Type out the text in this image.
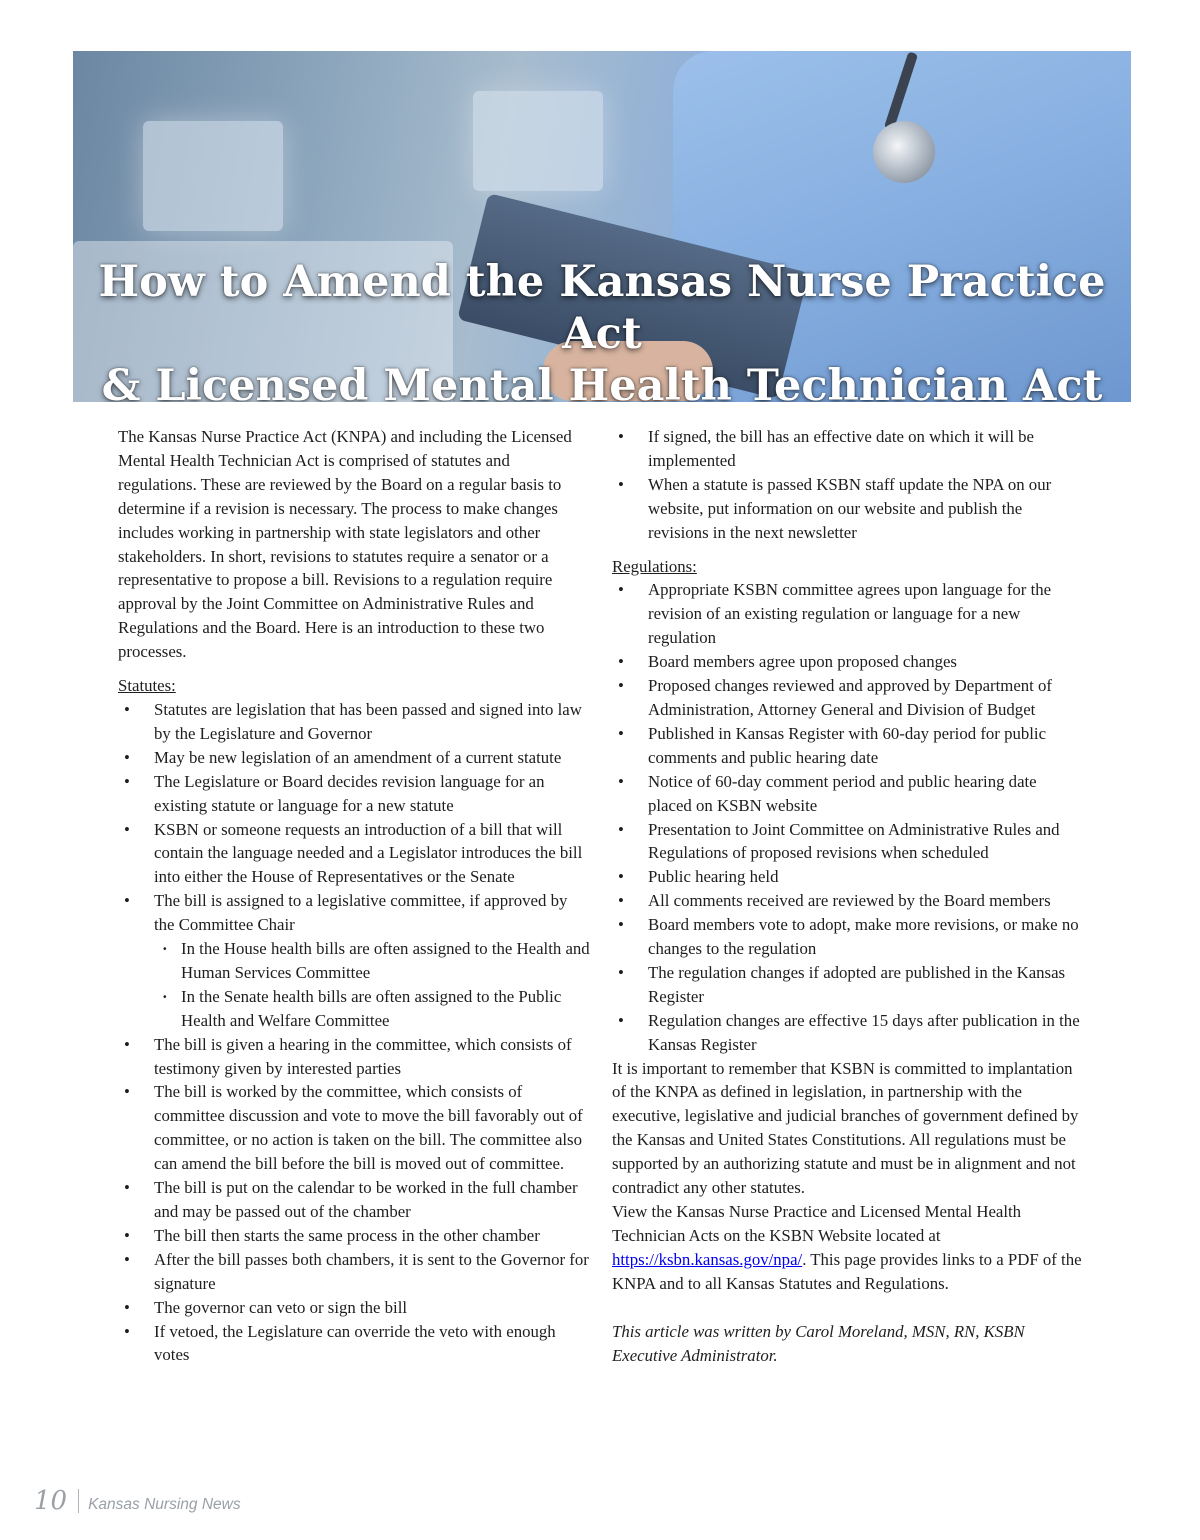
How to Amend the Kansas Nurse Practice Act
& Licensed Mental Health Technician Act

The Kansas Nurse Practice Act (KNPA) and including the Licensed Mental Health Technician Act is comprised of statutes and regulations. These are reviewed by the Board on a regular basis to determine if a revision is necessary. The process to make changes includes working in partnership with state legislators and other stakeholders. In short, revisions to statutes require a senator or a representative to propose a bill. Revisions to a regulation require approval by the Joint Committee on Administrative Rules and Regulations and the Board. Here is an introduction to these two processes.

Statutes:

• Statutes are legislation that has been passed and signed into law by the Legislature and Governor
• May be new legislation of an amendment of a current statute
• The Legislature or Board decides revision language for an existing statute or language for a new statute
• KSBN or someone requests an introduction of a bill that will contain the language needed and a Legislator introduces the bill into either the House of Representatives or the Senate
• The bill is assigned to a legislative committee, if approved by the Committee Chair
· In the House health bills are often assigned to the Health and Human Services Committee
· In the Senate health bills are often assigned to the Public Health and Welfare Committee
• The bill is given a hearing in the committee, which consists of testimony given by interested parties
• The bill is worked by the committee, which consists of committee discussion and vote to move the bill favorably out of committee, or no action is taken on the bill. The committee also can amend the bill before the bill is moved out of committee.
• The bill is put on the calendar to be worked in the full chamber and may be passed out of the chamber
• The bill then starts the same process in the other chamber
• After the bill passes both chambers, it is sent to the Governor for signature
• The governor can veto or sign the bill
• If vetoed, the Legislature can override the veto with enough votes
• If signed, the bill has an effective date on which it will be implemented
• When a statute is passed KSBN staff update the NPA on our website, put information on our website and publish the revisions in the next newsletter

Regulations:

• Appropriate KSBN committee agrees upon language for the revision of an existing regulation or language for a new regulation
• Board members agree upon proposed changes
• Proposed changes reviewed and approved by Department of Administration, Attorney General and Division of Budget
• Published in Kansas Register with 60-day period for public comments and public hearing date
• Notice of 60-day comment period and public hearing date placed on KSBN website
• Presentation to Joint Committee on Administrative Rules and Regulations of proposed revisions when scheduled
• Public hearing held
• All comments received are reviewed by the Board members
• Board members vote to adopt, make more revisions, or make no changes to the regulation
• The regulation changes if adopted are published in the Kansas Register
• Regulation changes are effective 15 days after publication in the Kansas Register

It is important to remember that KSBN is committed to implantation of the KNPA as defined in legislation, in partnership with the executive, legislative and judicial branches of government defined by the Kansas and United States Constitutions. All regulations must be supported by an authorizing statute and must be in alignment and not contradict any other statutes.

View the Kansas Nurse Practice and Licensed Mental Health Technician Acts on the KSBN Website located at https://ksbn.kansas.gov/npa/. This page provides links to a PDF of the KNPA and to all Kansas Statutes and Regulations.

This article was written by Carol Moreland, MSN, RN, KSBN Executive Administrator.

10 Kansas Nursing News
